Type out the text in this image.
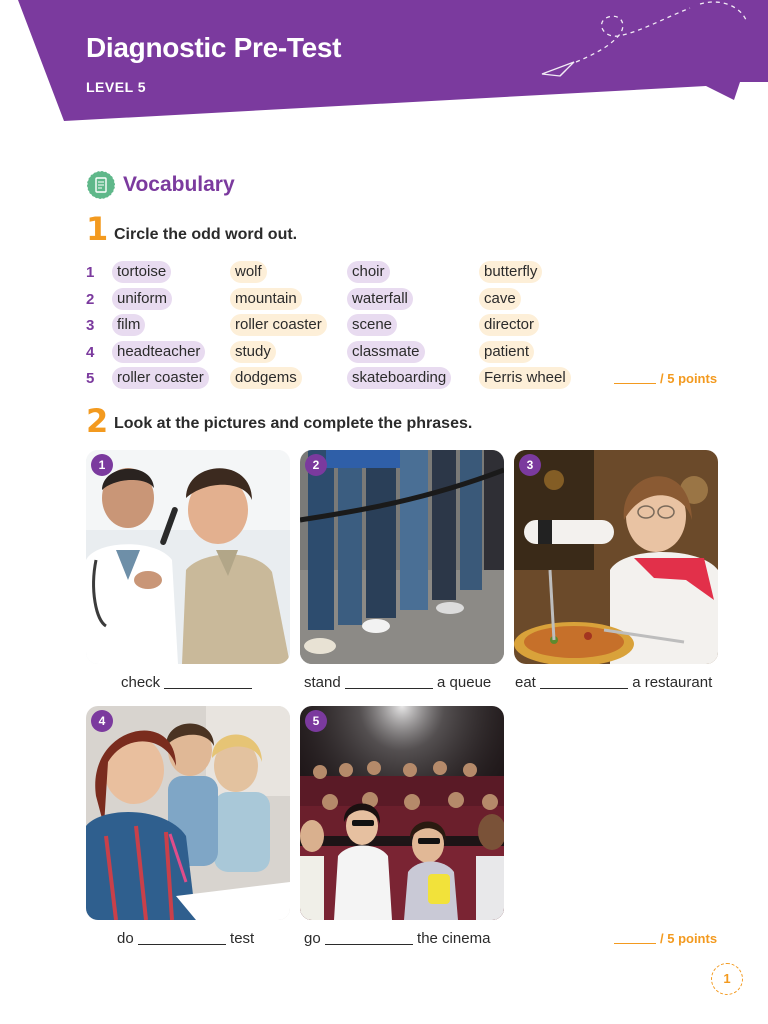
Diagnostic Pre-Test
LEVEL 5
Vocabulary
1 Circle the odd word out.
1	tortoise	wolf	choir	butterfly
2	uniform	mountain	waterfall	cave
3	film	roller coaster	scene	director
4	headteacher	study	classmate	patient
5	roller coaster	dodgems	skateboarding	Ferris wheel	/ 5 points
2 Look at the pictures and complete the phrases.
1	2	3
check	stand	a queue eat	a restaurant
4	5
do	test	go	the cinema	/ 5 points
1
